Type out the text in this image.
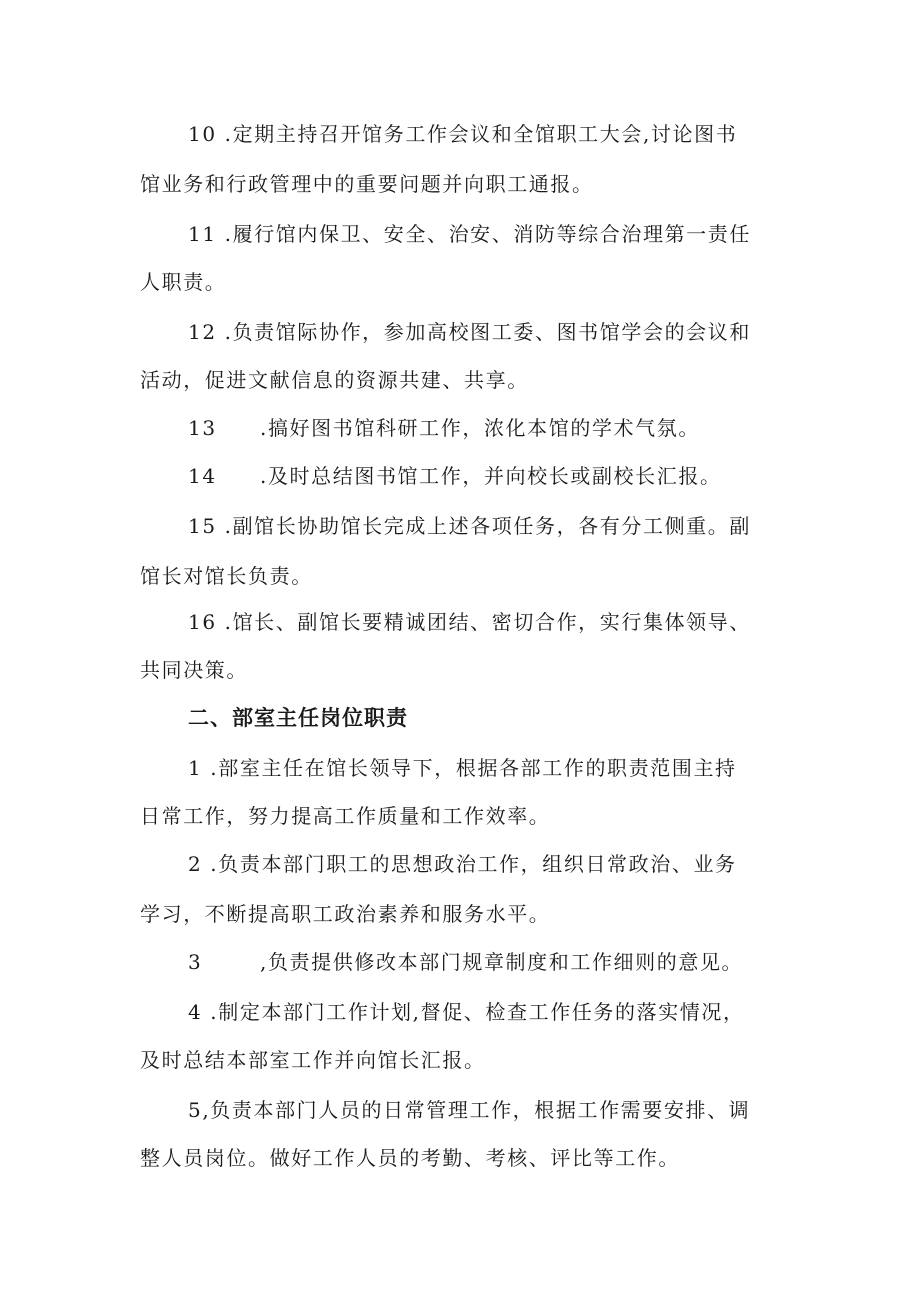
10 .定期主持召开馆务工作会议和全馆职工大会,讨论图书
馆业务和行政管理中的重要问题并向职工通报。
11 .履行馆内保卫、安全、治安、消防等综合治理第一责任
人职责。
12 .负责馆际协作，参加高校图工委、图书馆学会的会议和
活动，促进文献信息的资源共建、共享。
13 .搞好图书馆科研工作，浓化本馆的学术气氛。
14 .及时总结图书馆工作，并向校长或副校长汇报。
15 .副馆长协助馆长完成上述各项任务，各有分工侧重。副
馆长对馆长负责。
16 .馆长、副馆长要精诚团结、密切合作，实行集体领导、
共同决策。
二、部室主任岗位职责
1 .部室主任在馆长领导下，根据各部工作的职责范围主持
日常工作，努力提高工作质量和工作效率。
2 .负责本部门职工的思想政治工作，组织日常政治、业务
学习，不断提高职工政治素养和服务水平。
3	,负责提供修改本部门规章制度和工作细则的意见。
4 .制定本部门工作计划,督促、检查工作任务的落实情况，
及时总结本部室工作并向馆长汇报。
5,负责本部门人员的日常管理工作，根据工作需要安排、调
整人员岗位。做好工作人员的考勤、考核、评比等工作。
